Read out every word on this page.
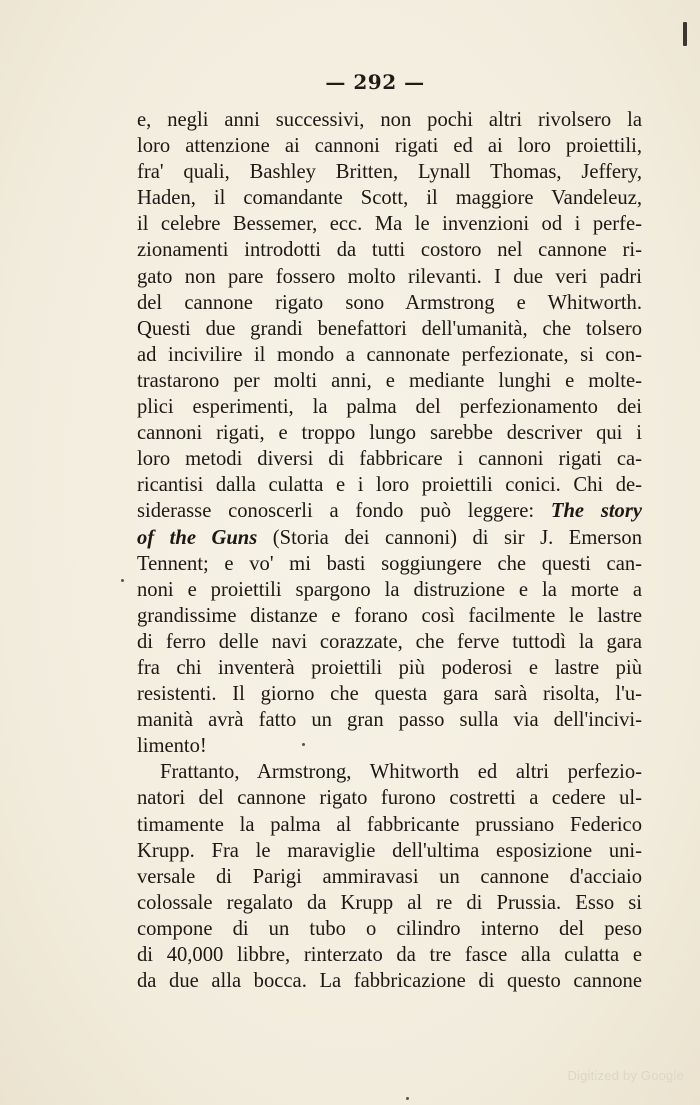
— 292 —
e, negli anni successivi, non pochi altri rivolsero la
loro attenzione ai cannoni rigati ed ai loro proiettili,
fra' quali, Bashley Britten, Lynall Thomas, Jeffery,
Haden, il comandante Scott, il maggiore Vandeleuz,
il celebre Bessemer, ecc. Ma le invenzioni od i perfe-
zionamenti introdotti da tutti costoro nel cannone ri-
gato non pare fossero molto rilevanti. I due veri padri
del cannone rigato sono Armstrong e Whitworth.
Questi due grandi benefattori dell'umanità, che tolsero
ad incivilire il mondo a cannonate perfezionate, si con-
trastarono per molti anni, e mediante lunghi e molte-
plici esperimenti, la palma del perfezionamento dei
cannoni rigati, e troppo lungo sarebbe descriver qui i
loro metodi diversi di fabbricare i cannoni rigati ca-
ricantisi dalla culatta e i loro proiettili conici. Chi de-
siderasse conoscerli a fondo può leggere: The story
of the Guns (Storia dei cannoni) di sir J. Emerson
Tennent; e vo' mi basti soggiungere che questi can-
noni e proiettili spargono la distruzione e la morte a
grandissime distanze e forano così facilmente le lastre
di ferro delle navi corazzate, che ferve tuttodì la gara
fra chi inventerà proiettili più poderosi e lastre più
resistenti. Il giorno che questa gara sarà risolta, l'u-
manità avrà fatto un gran passo sulla via dell'incivi-
limento!
Frattanto, Armstrong, Whitworth ed altri perfezio-
natori del cannone rigato furono costretti a cedere ul-
timamente la palma al fabbricante prussiano Federico
Krupp. Fra le maraviglie dell'ultima esposizione uni-
versale di Parigi ammiravasi un cannone d'acciaio
colossale regalato da Krupp al re di Prussia. Esso si
compone di un tubo o cilindro interno del peso
di 40,000 libbre, rinterzato da tre fasce alla culatta e
da due alla bocca. La fabbricazione di questo cannone
Digitized by Google
